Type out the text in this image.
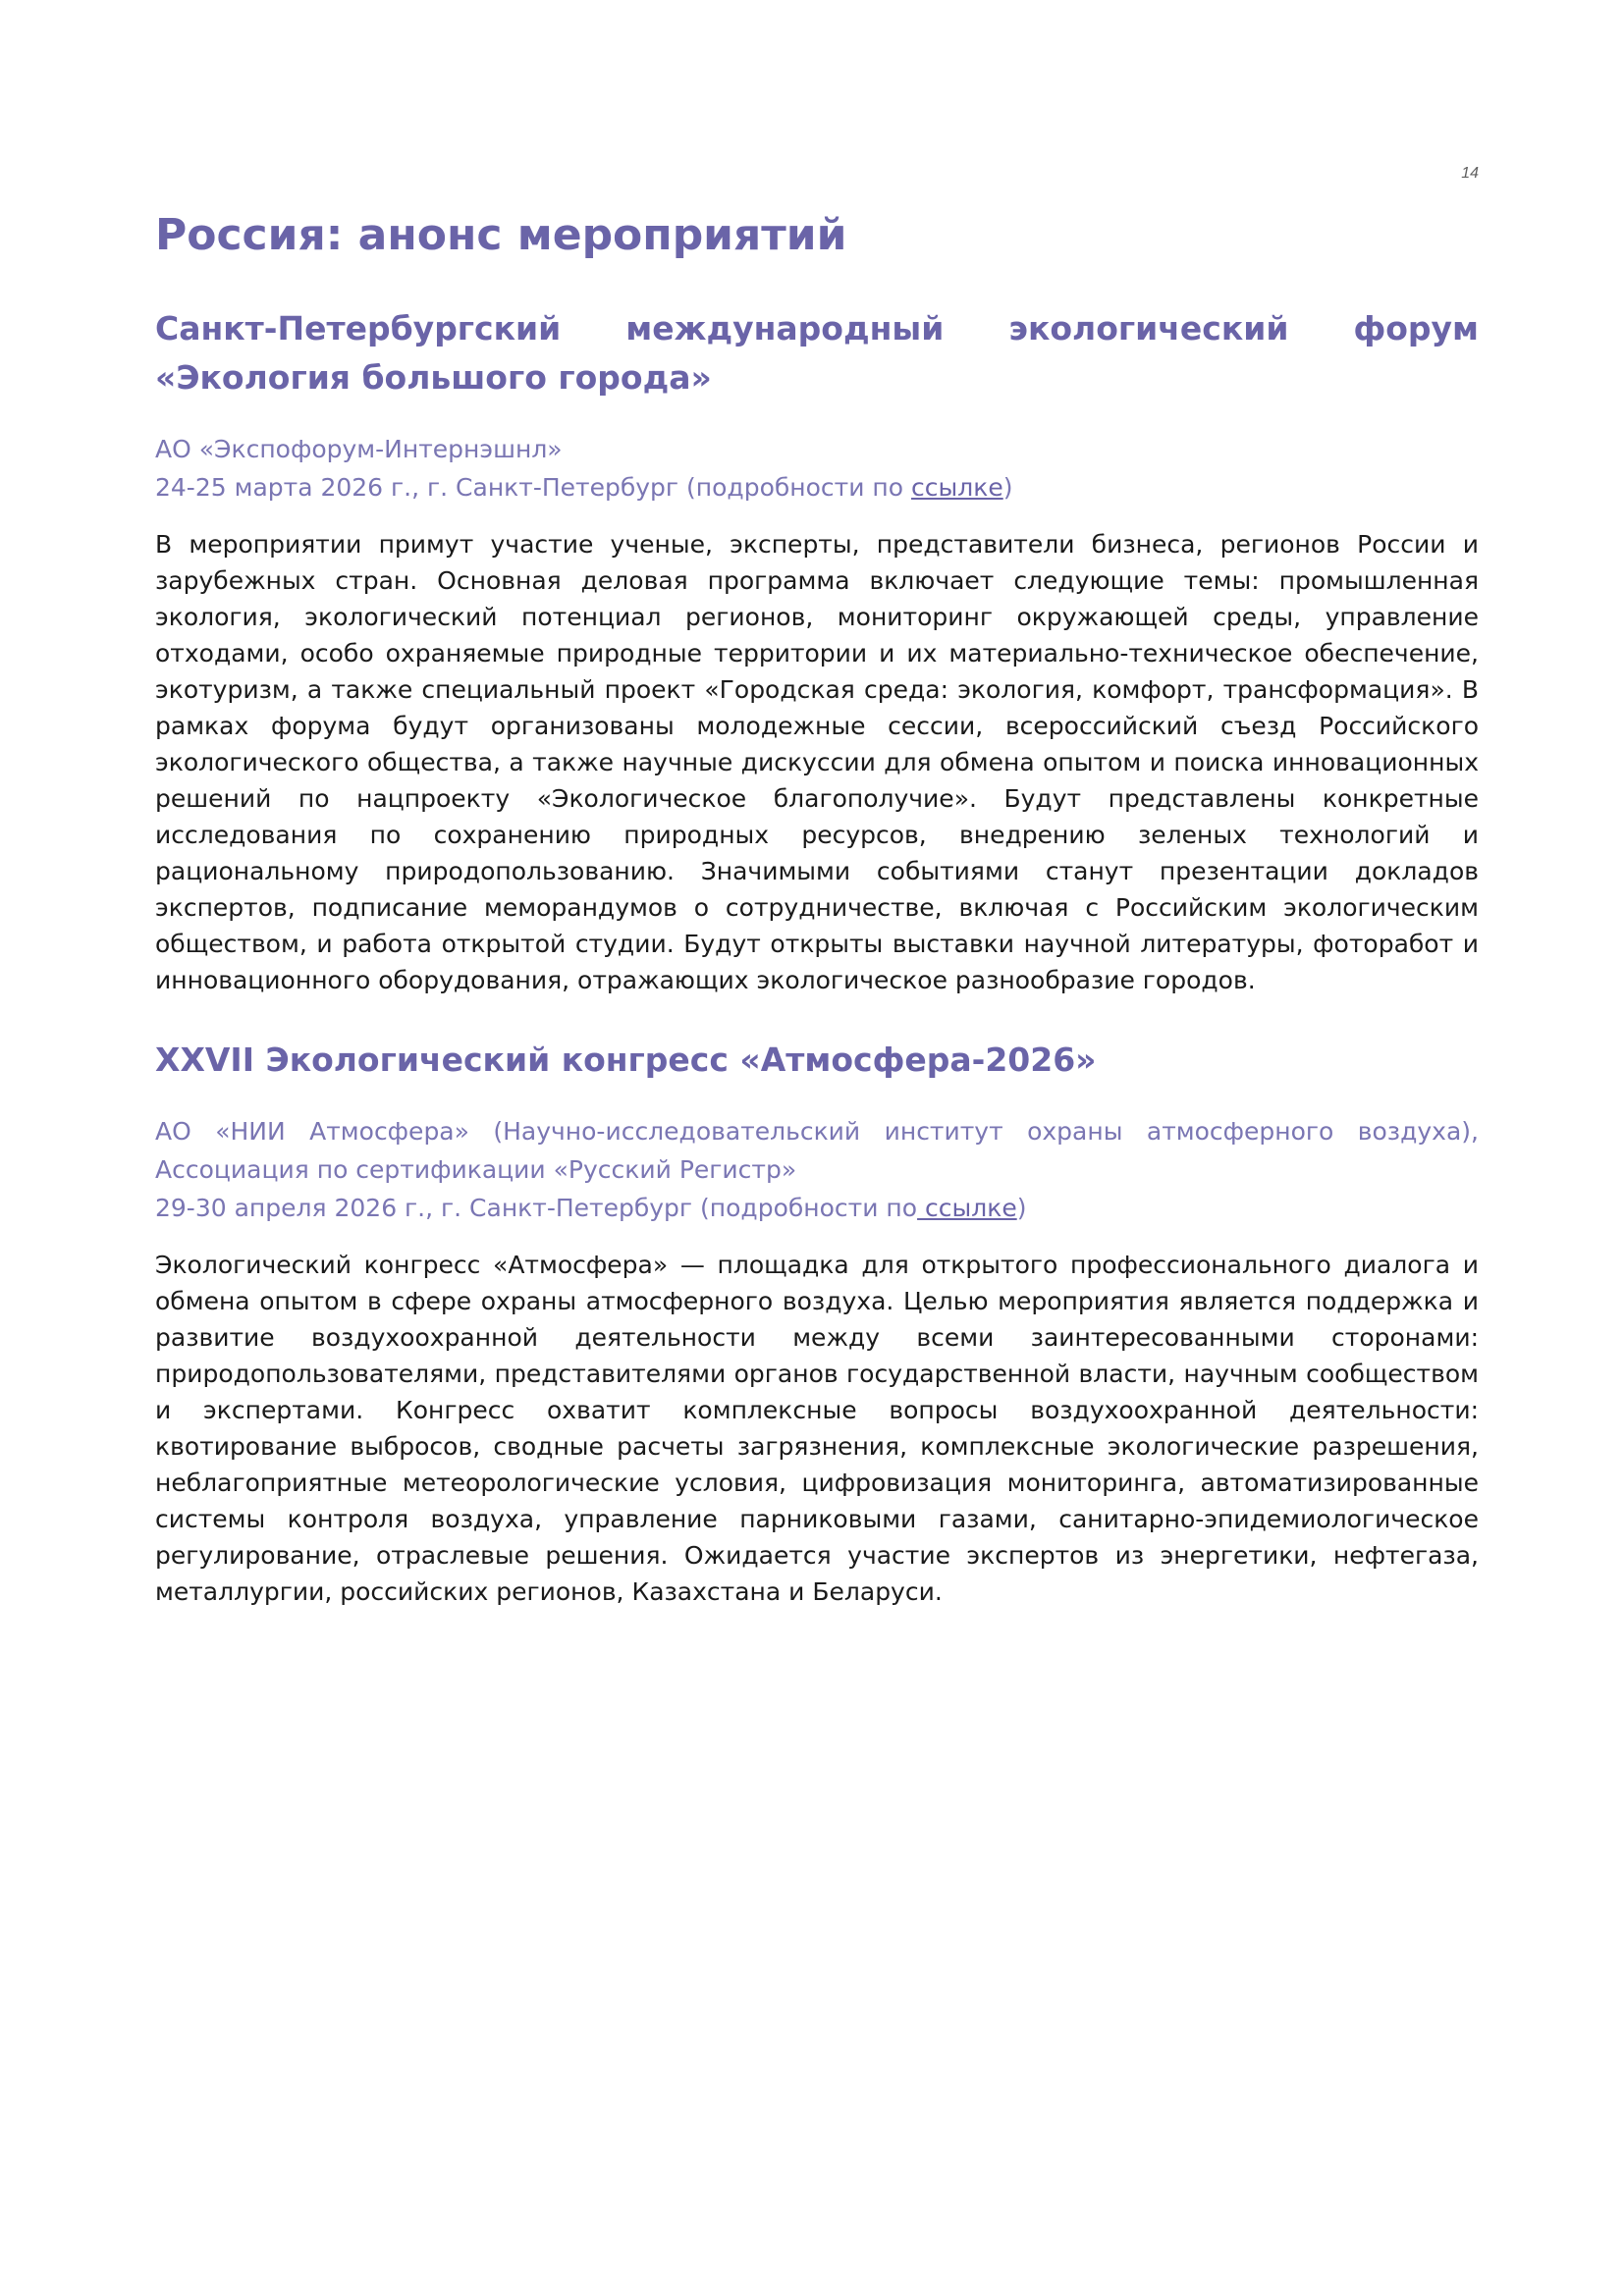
14
Россия: анонс мероприятий
Санкт-Петербургский международный экологический форум «Экология большого города»

АО «Экспофорум-Интернэшнл»
24-25 марта 2026 г., г. Санкт-Петербург (подробности по ссылке)

В мероприятии примут участие ученые, эксперты, представители бизнеса, регионов России и зарубежных стран. Основная деловая программа включает следующие темы: промышленная экология, экологический потенциал регионов, мониторинг окружающей среды, управление отходами, особо охраняемые природные территории и их материально-техническое обеспечение, экотуризм, а также специальный проект «Городская среда: экология, комфорт, трансформация». В рамках форума будут организованы молодежные сессии, всероссийский съезд Российского экологического общества, а также научные дискуссии для обмена опытом и поиска инновационных решений по нацпроекту «Экологическое благополучие». Будут представлены конкретные исследования по сохранению природных ресурсов, внедрению зеленых технологий и рациональному природопользованию. Значимыми событиями станут презентации докладов экспертов, подписание меморандумов о сотрудничестве, включая с Российским экологическим обществом, и работа открытой студии. Будут открыты выставки научной литературы, фоторабот и инновационного оборудования, отражающих экологическое разнообразие городов.

XXVII Экологический конгресс «Атмосфера-2026»

АО «НИИ Атмосфера» (Научно-исследовательский институт охраны атмосферного воздуха), Ассоциация по сертификации «Русский Регистр»
29-30 апреля 2026 г., г. Санкт-Петербург (подробности по ссылке)

Экологический конгресс «Атмосфера» — площадка для открытого профессионального диалога и обмена опытом в сфере охраны атмосферного воздуха. Целью мероприятия является поддержка и развитие воздухоохранной деятельности между всеми заинтересованными сторонами: природопользователями, представителями органов государственной власти, научным сообществом и экспертами. Конгресс охватит комплексные вопросы воздухоохранной деятельности: квотирование выбросов, сводные расчеты загрязнения, комплексные экологические разрешения, неблагоприятные метеорологические условия, цифровизация мониторинга, автоматизированные системы контроля воздуха, управление парниковыми газами, санитарно-эпидемиологическое регулирование, отраслевые решения. Ожидается участие экспертов из энергетики, нефтегаза, металлургии, российских регионов, Казахстана и Беларуси.
